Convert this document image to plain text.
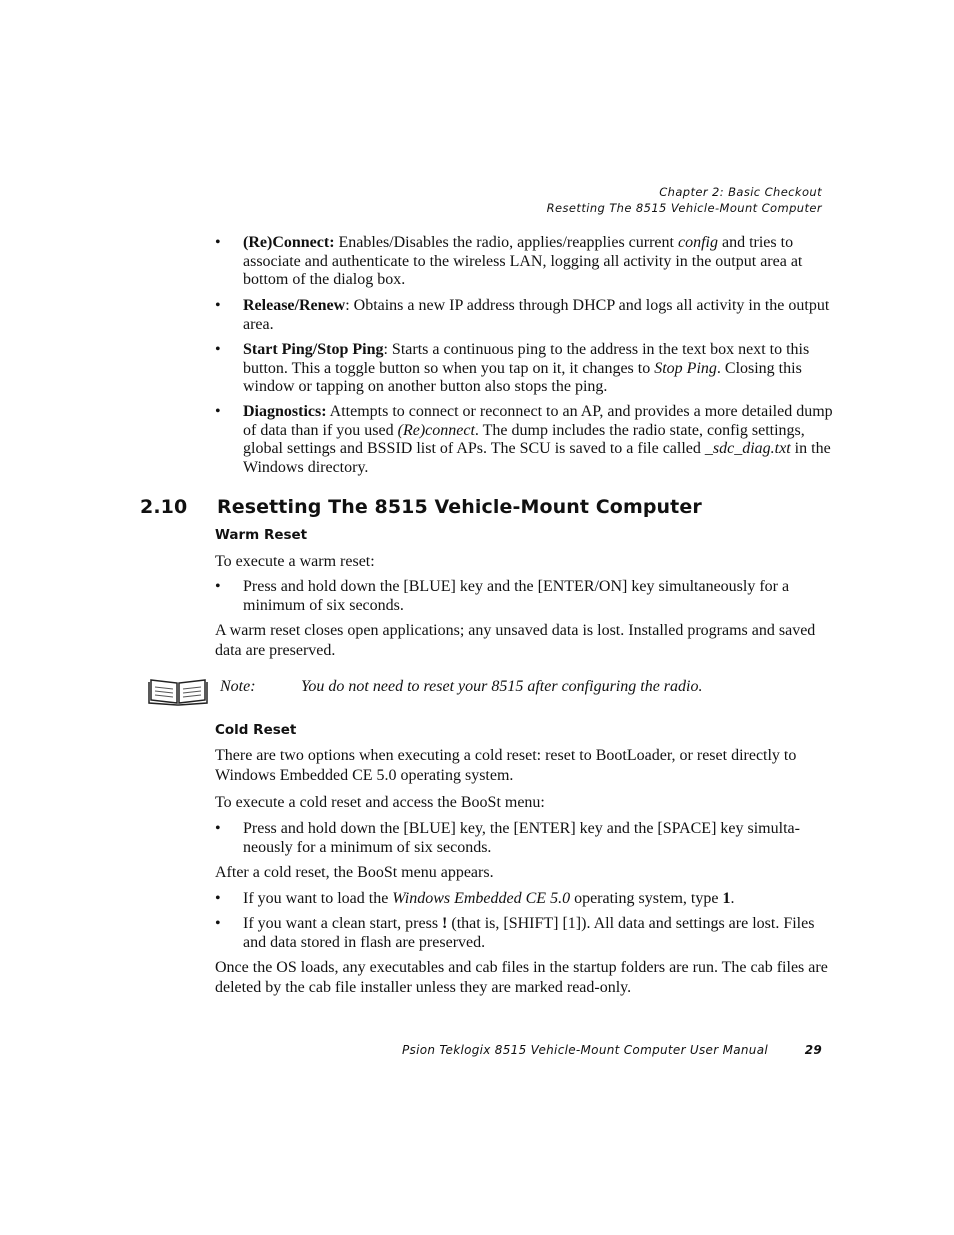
Chapter 2: Basic Checkout
Resetting The 8515 Vehicle-Mount Computer
• (Re)Connect: Enables/Disables the radio, applies/reapplies current config and tries to associate and authenticate to the wireless LAN, logging all activity in the output area at bottom of the dialog box.
• Release/Renew: Obtains a new IP address through DHCP and logs all activity in the output area.
• Start Ping/Stop Ping: Starts a continuous ping to the address in the text box next to this button. This a toggle button so when you tap on it, it changes to Stop Ping. Closing this window or tapping on another button also stops the ping.
• Diagnostics: Attempts to connect or reconnect to an AP, and provides a more detailed dump of data than if you used (Re)connect. The dump includes the radio state, config settings, global settings and BSSID list of APs. The SCU is saved to a file called _sdc_diag.txt in the Windows directory.
2.10 Resetting The 8515 Vehicle-Mount Computer
Warm Reset
To execute a warm reset:
• Press and hold down the [BLUE] key and the [ENTER/ON] key simultaneously for a minimum of six seconds.
A warm reset closes open applications; any unsaved data is lost. Installed programs and saved data are preserved.
Note:	You do not need to reset your 8515 after configuring the radio.
Cold Reset
There are two options when executing a cold reset: reset to BootLoader, or reset directly to Windows Embedded CE 5.0 operating system.
To execute a cold reset and access the BooSt menu:
• Press and hold down the [BLUE] key, the [ENTER] key and the [SPACE] key simulta-neously for a minimum of six seconds.
After a cold reset, the BooSt menu appears.
• If you want to load the Windows Embedded CE 5.0 operating system, type 1.
• If you want a clean start, press ! (that is, [SHIFT] [1]). All data and settings are lost. Files and data stored in flash are preserved.
Once the OS loads, any executables and cab files in the startup folders are run. The cab files are deleted by the cab file installer unless they are marked read-only.
Psion Teklogix 8515 Vehicle-Mount Computer User Manual	29
